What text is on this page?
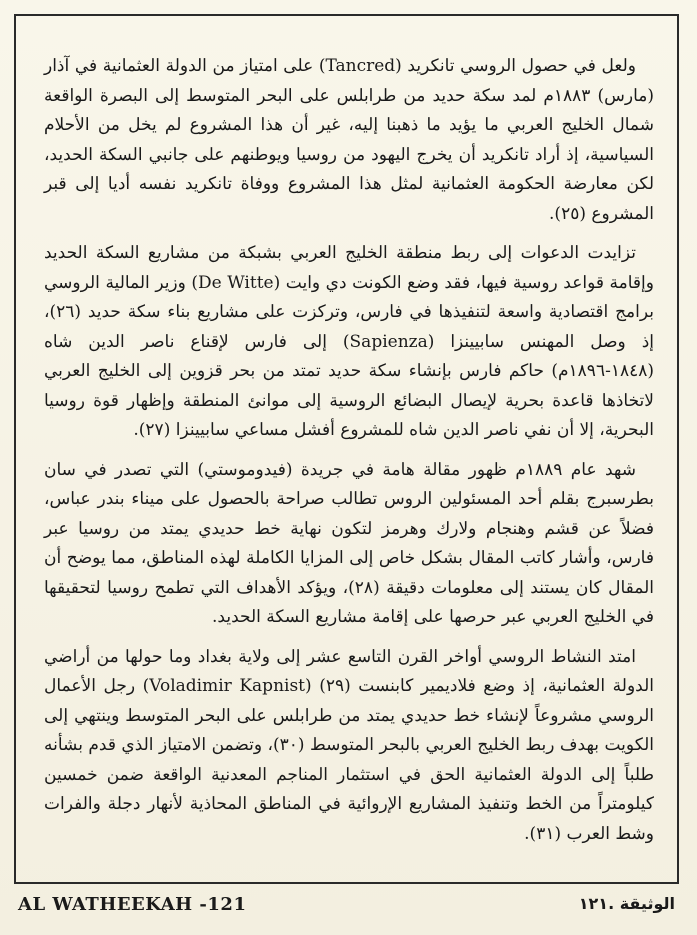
ولعل في حصول الروسي تانكريد (Tancred) على امتياز من الدولة العثمانية في آذار (مارس) ١٨٨٣م لمد سكة حديد من طرابلس على البحر المتوسط إلى البصرة الواقعة شمال الخليج العربي ما يؤيد ما ذهبنا إليه، غير أن هذا المشروع لم يخل من الأحلام السياسية، إذ أراد تانكريد أن يخرج اليهود من روسيا ويوطنهم على جانبي السكة الحديد، لكن معارضة الحكومة العثمانية لمثل هذا المشروع ووفاة تانكريد نفسه أديا إلى قبر المشروع (٢٥).

تزايدت الدعوات إلى ربط منطقة الخليج العربي بشبكة من مشاريع السكة الحديد وإقامة قواعد روسية فيها، فقد وضع الكونت دي وايت (De Witte) وزير المالية الروسي برامج اقتصادية واسعة لتنفيذها في فارس، وتركزت على مشاريع بناء سكة حديد (٢٦)، إذ وصل المهنس سابيينزا (Sapienza) إلى فارس لإقناع ناصر الدين شاه (١٨٤٨-١٨٩٦م) حاكم فارس بإنشاء سكة حديد تمتد من بحر قزوين إلى الخليج العربي لاتخاذها قاعدة بحرية لإيصال البضائع الروسية إلى موانئ المنطقة وإظهار قوة روسيا البحرية، إلا أن نفي ناصر الدين شاه للمشروع أفشل مساعي سابيينزا (٢٧).

شهد عام ١٨٨٩م ظهور مقالة هامة في جريدة (فيدوموستي) التي تصدر في سان بطرسبرج بقلم أحد المسئولين الروس تطالب صراحة بالحصول على ميناء بندر عباس، فضلاً عن قشم وهنجام ولارك وهرمز لتكون نهاية خط حديدي يمتد من روسيا عبر فارس، وأشار كاتب المقال بشكل خاص إلى المزايا الكاملة لهذه المناطق، مما يوضح أن المقال كان يستند إلى معلومات دقيقة (٢٨)، ويؤكد الأهداف التي تطمح روسيا لتحقيقها في الخليج العربي عبر حرصها على إقامة مشاريع السكة الحديد.

امتد النشاط الروسي أواخر القرن التاسع عشر إلى ولاية بغداد وما حولها من أراضي الدولة العثمانية، إذ وضع فلاديمير كابنست (٢٩) (Voladimir Kapnist) رجل الأعمال الروسي مشروعاً لإنشاء خط حديدي يمتد من طرابلس على البحر المتوسط وينتهي إلى الكويت بهدف ربط الخليج العربي بالبحر المتوسط (٣٠)، وتضمن الامتياز الذي قدم بشأنه طلباً إلى الدولة العثمانية الحق في استثمار المناجم المعدنية الواقعة ضمن خمسين كيلومتراً من الخط وتنفيذ المشاريع الإروائية في المناطق المحاذية لأنهار دجلة والفرات وشط العرب (٣١).

AL WATHEEKAH -121	الوثيقة .١٢١
